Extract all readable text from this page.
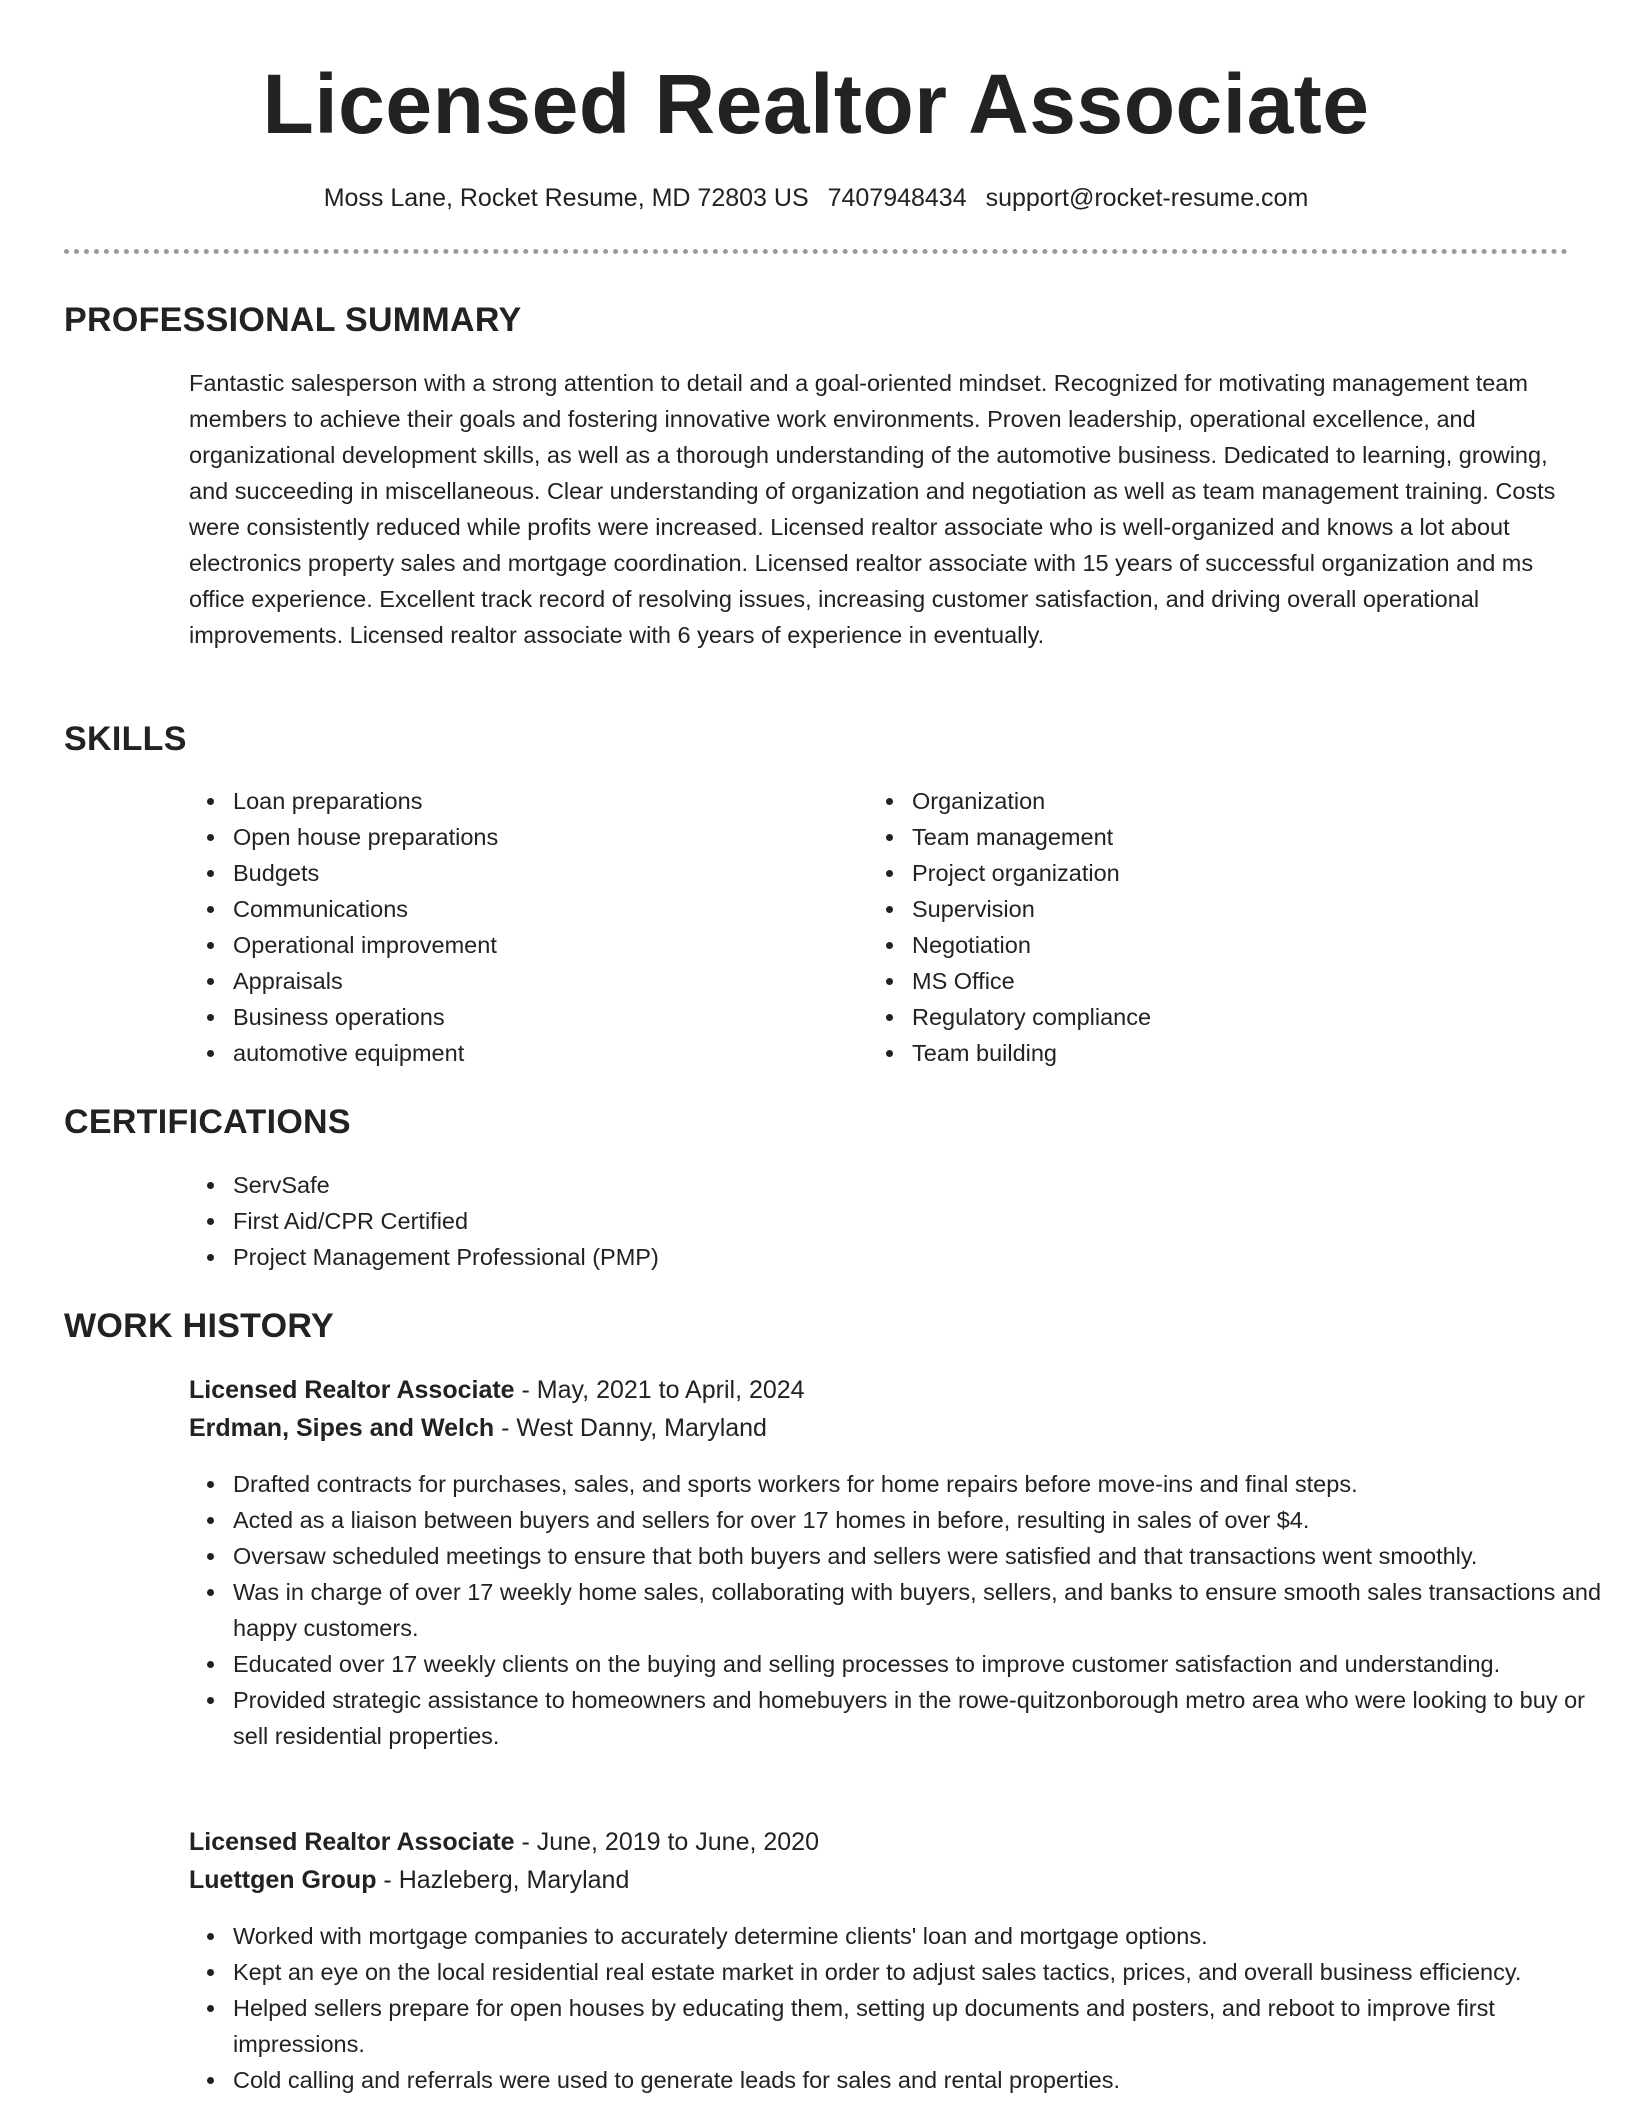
Licensed Realtor Associate
Moss Lane, Rocket Resume, MD 72803 US 7407948434 support@rocket-resume.com
PROFESSIONAL SUMMARY

Fantastic salesperson with a strong attention to detail and a goal-oriented mindset. Recognized for motivating management team members to achieve their goals and fostering innovative work environments. Proven leadership, operational excellence, and organizational development skills, as well as a thorough understanding of the automotive business. Dedicated to learning, growing, and succeeding in miscellaneous. Clear understanding of organization and negotiation as well as team management training. Costs were consistently reduced while profits were increased. Licensed realtor associate who is well-organized and knows a lot about electronics property sales and mortgage coordination. Licensed realtor associate with 15 years of successful organization and ms office experience. Excellent track record of resolving issues, increasing customer satisfaction, and driving overall operational improvements. Licensed realtor associate with 6 years of experience in eventually.

SKILLS
Loan preparations
Open house preparations
Budgets
Communications
Operational improvement
Appraisals
Business operations
automotive equipment
Organization
Team management
Project organization
Supervision
Negotiation
MS Office
Regulatory compliance
Team building
CERTIFICATIONS
ServSafe
First Aid/CPR Certified
Project Management Professional (PMP)
WORK HISTORY
Licensed Realtor Associate - May, 2021 to April, 2024
Erdman, Sipes and Welch - West Danny, Maryland
Drafted contracts for purchases, sales, and sports workers for home repairs before move-ins and final steps.
Acted as a liaison between buyers and sellers for over 17 homes in before, resulting in sales of over $4.
Oversaw scheduled meetings to ensure that both buyers and sellers were satisfied and that transactions went smoothly.
Was in charge of over 17 weekly home sales, collaborating with buyers, sellers, and banks to ensure smooth sales transactions and happy customers.
Educated over 17 weekly clients on the buying and selling processes to improve customer satisfaction and understanding.
Provided strategic assistance to homeowners and homebuyers in the rowe-quitzonborough metro area who were looking to buy or sell residential properties.
Licensed Realtor Associate - June, 2019 to June, 2020
Luettgen Group - Hazleberg, Maryland
Worked with mortgage companies to accurately determine clients' loan and mortgage options.
Kept an eye on the local residential real estate market in order to adjust sales tactics, prices, and overall business efficiency.
Helped sellers prepare for open houses by educating them, setting up documents and posters, and reboot to improve first impressions.
Cold calling and referrals were used to generate leads for sales and rental properties.
